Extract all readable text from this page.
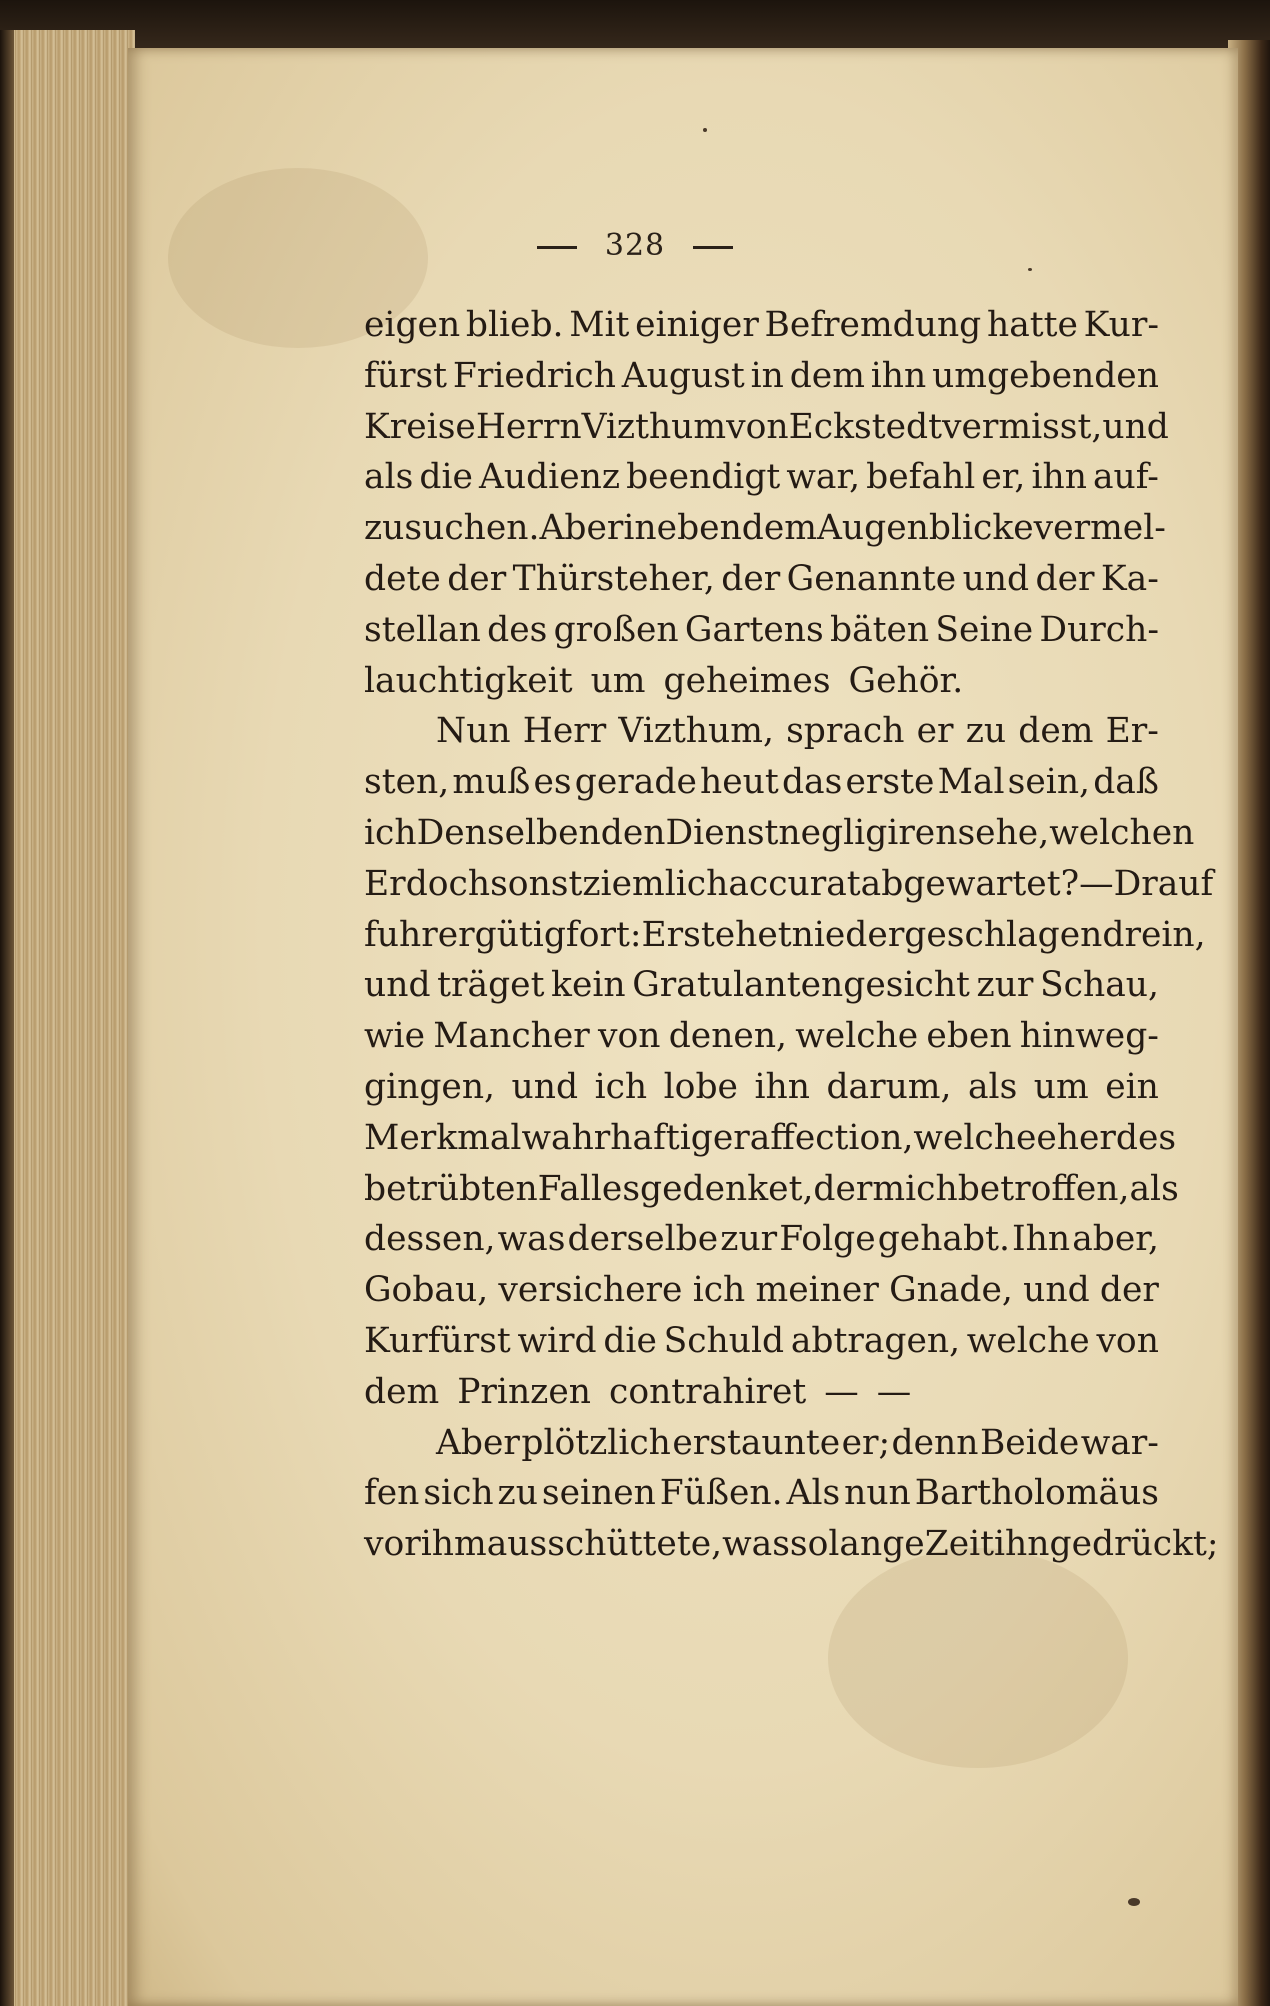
328
eigen blieb. Mit einiger Befremdung hatte Kur-
fürst Friedrich August in dem ihn umgebenden
Kreise Herrn Vizthum von Eckstedt vermisst, und
als die Audienz beendigt war, befahl er, ihn auf-
zusuchen. Aber in eben dem Augenblicke vermel-
dete der Thürsteher, der Genannte und der Ka-
stellan des großen Gartens bäten Seine Durch-
lauchtigkeit um geheimes Gehör.
Nun Herr Vizthum, sprach er zu dem Er-
sten, muß es gerade heut das erste Mal sein, daß
ich Denselben den Dienst negligiren sehe, welchen
Er doch sonst ziemlich accurat abgewartet? — Drauf
fuhr er gütig fort: Er stehet niedergeschlagen drein,
und träget kein Gratulantengesicht zur Schau,
wie Mancher von denen, welche eben hinweg-
gingen, und ich lobe ihn darum, als um ein
Merkmal wahrhaftiger affection, welche eher des
betrübten Falles gedenket, der mich betroffen, als
dessen, was derselbe zur Folge gehabt. Ihn aber,
Gobau, versichere ich meiner Gnade, und der
Kurfürst wird die Schuld abtragen, welche von
dem Prinzen contrahiret — —
Aber plötzlich erstaunte er; denn Beide war-
fen sich zu seinen Füßen. Als nun Bartholomäus
vor ihm ausschüttete, was so lange Zeit ihn gedrückt;
